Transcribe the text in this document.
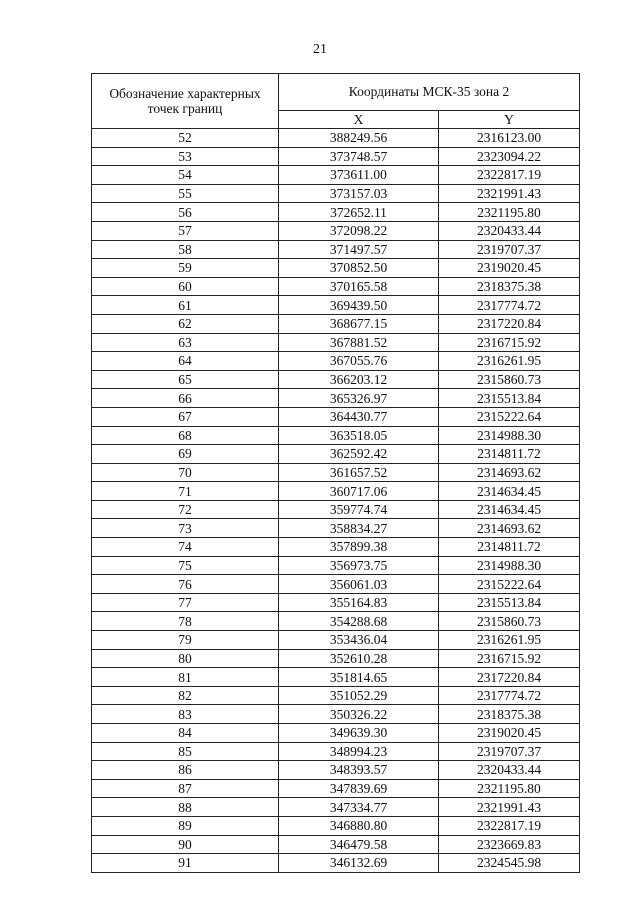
21
Обозначение характерных точек границ	Координаты МСК-35 зона 2	
	X	Y
52	388249.56	2316123.00
53	373748.57	2323094.22
54	373611.00	2322817.19
55	373157.03	2321991.43
56	372652.11	2321195.80
57	372098.22	2320433.44
58	371497.57	2319707.37
59	370852.50	2319020.45
60	370165.58	2318375.38
61	369439.50	2317774.72
62	368677.15	2317220.84
63	367881.52	2316715.92
64	367055.76	2316261.95
65	366203.12	2315860.73
66	365326.97	2315513.84
67	364430.77	2315222.64
68	363518.05	2314988.30
69	362592.42	2314811.72
70	361657.52	2314693.62
71	360717.06	2314634.45
72	359774.74	2314634.45
73	358834.27	2314693.62
74	357899.38	2314811.72
75	356973.75	2314988.30
76	356061.03	2315222.64
77	355164.83	2315513.84
78	354288.68	2315860.73
79	353436.04	2316261.95
80	352610.28	2316715.92
81	351814.65	2317220.84
82	351052.29	2317774.72
83	350326.22	2318375.38
84	349639.30	2319020.45
85	348994.23	2319707.37
86	348393.57	2320433.44
87	347839.69	2321195.80
88	347334.77	2321991.43
89	346880.80	2322817.19
90	346479.58	2323669.83
91	346132.69	2324545.98
